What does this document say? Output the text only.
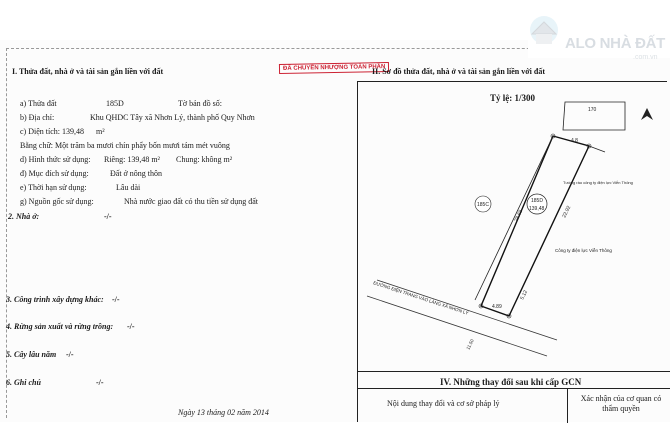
ALO NHÀ ĐẤT
.com.vn
ĐÃ CHUYỂN NHƯỢNG TOÀN PHẦN
I. Thửa đất, nhà ở và tài sản gắn liền với đất
a) Thửa đất	185D	Tờ bản đồ số:
b) Địa chỉ:	Khu QHDC Tây xã Nhơn Lý, thành phố Quy Nhơn
c) Diện tích: 139,48 m²
Bằng chữ: Một trăm ba mươi chín phẩy bốn mươi tám mét vuông
d) Hình thức sử dụng: Riêng: 139,48 m² Chung: không m²
đ) Mục đích sử dụng:	Đất ở nông thôn
e) Thời hạn sử dụng:	Lâu dài
g) Nguồn gốc sử dụng:	Nhà nước giao đất có thu tiền sử dụng đất
2. Nhà ở:	-/-
3. Công trình xây dựng khác: -/-
4. Rừng sản xuất và rừng trồng: -/-
5. Cây lâu năm -/-
6. Ghi chú	-/-
Ngày 13 tháng 02 năm 2014
II. Sơ đồ thửa đất, nhà ở và tài sản gắn liền với đất
Tỷ lệ: 1/300
170
185D
139,48
185C
28.69	22.92
4.89
5.12
4.8
Tường rào công ty điện lực Viễn Thông
Công ty điện lực Viễn Thông
ĐƯỜNG ĐIỆN TRANG VÀO LÀNG XÃ NHƠN LÝ
11.50
IV. Những thay đổi sau khi cấp GCN
Nội dung thay đổi và cơ sở pháp lý
Xác nhận của cơ quan có thẩm quyền
